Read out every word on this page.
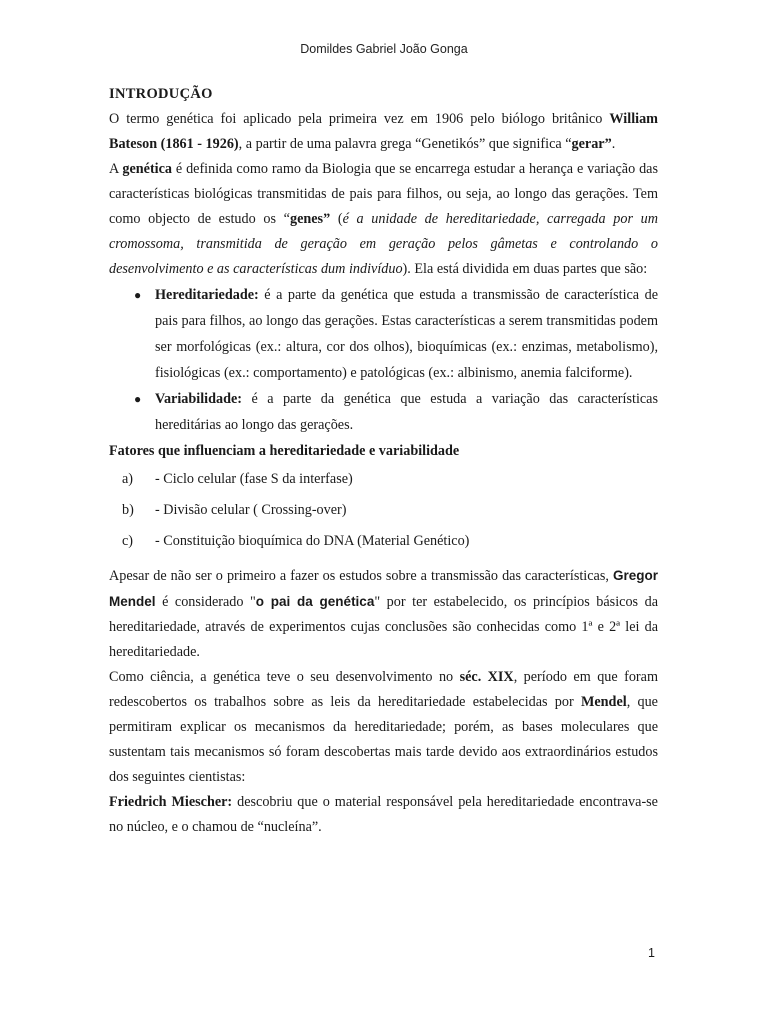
Domildes Gabriel João Gonga

INTRODUÇÃO

O termo genética foi aplicado pela primeira vez em 1906 pelo biólogo britânico William Bateson (1861 - 1926), a partir de uma palavra grega “Genetikós” que significa “gerar”.

A genética é definida como ramo da Biologia que se encarrega estudar a herança e variação das características biológicas transmitidas de pais para filhos, ou seja, ao longo das gerações. Tem como objecto de estudo os “genes” (é a unidade de hereditariedade, carregada por um cromossoma, transmitida de geração em geração pelos gâmetas e controlando o desenvolvimento e as características dum indivíduo). Ela está dividida em duas partes que são:

● Hereditariedade: é a parte da genética que estuda a transmissão de característica de pais para filhos, ao longo das gerações. Estas características a serem transmitidas podem ser morfológicas (ex.: altura, cor dos olhos), bioquímicas (ex.: enzimas, metabolismo), fisiológicas (ex.: comportamento) e patológicas (ex.: albinismo, anemia falciforme).
● Variabilidade: é a parte da genética que estuda a variação das características hereditárias ao longo das gerações.

Fatores que influenciam a hereditariedade e variabilidade

a) - Ciclo celular (fase S da interfase)
b) - Divisão celular ( Crossing-over)
c) - Constituição bioquímica do DNA (Material Genético)

Apesar de não ser o primeiro a fazer os estudos sobre a transmissão das características, Gregor Mendel é considerado "o pai da genética" por ter estabelecido, os princípios básicos da hereditariedade, através de experimentos cujas conclusões são conhecidas como 1ª e 2ª lei da hereditariedade.

Como ciência, a genética teve o seu desenvolvimento no séc. XIX, período em que foram redescobertos os trabalhos sobre as leis da hereditariedade estabelecidas por Mendel, que permitiram explicar os mecanismos da hereditariedade; porém, as bases moleculares que sustentam tais mecanismos só foram descobertas mais tarde devido aos extraordinários estudos dos seguintes cientistas:

Friedrich Miescher: descobriu que o material responsável pela hereditariedade encontrava-se no núcleo, e o chamou de “nucleína”.

1
